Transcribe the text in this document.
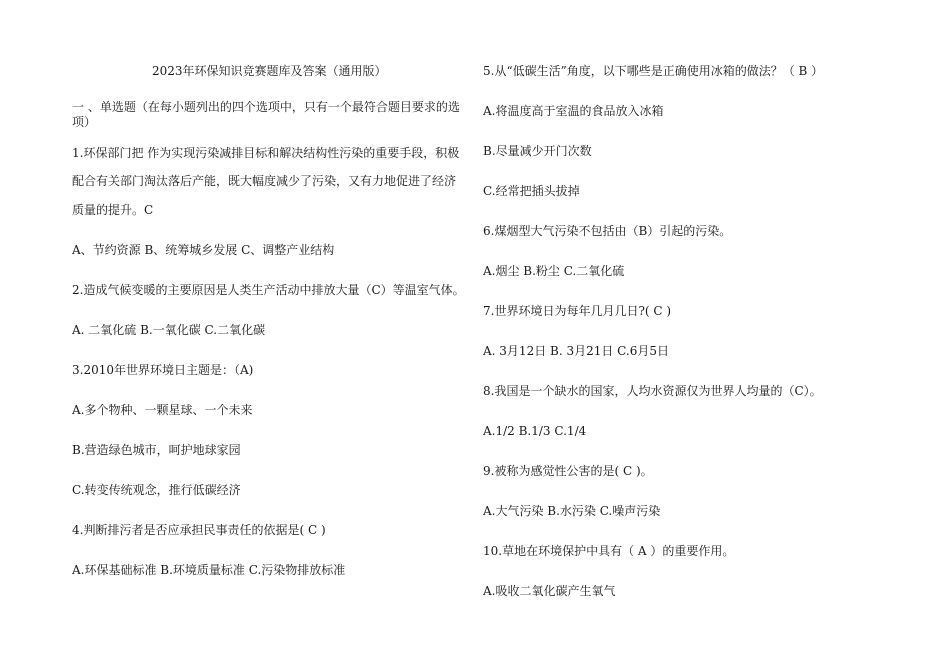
2023年环保知识竞赛题库及答案（通用版）
一 、单选题（在每小题列出的四个选项中，只有一个最符合题目要求的选
项）
1.环保部门把 作为实现污染减排目标和解决结构性污染的重要手段，积极
配合有关部门淘汰落后产能，既大幅度减少了污染，又有力地促进了经济
质量的提升。C
A、节约资源 B、统筹城乡发展 C、调整产业结构
2.造成气候变暖的主要原因是人类生产活动中排放大量（C）等温室气体。
A. 二氧化硫 B.一氧化碳 C.二氧化碳
3.2010年世界环境日主题是：（A)
A.多个物种、一颗星球、一个未来
B.营造绿色城市，呵护地球家园
C.转变传统观念，推行低碳经济
4.判断排污者是否应承担民事责任的依据是( C )
A.环保基础标准 B.环境质量标准 C.污染物排放标准
5.从“低碳生活”角度，以下哪些是正确使用冰箱的做法？（ B ）
A.将温度高于室温的食品放入冰箱
B.尽量减少开门次数
C.经常把插头拔掉
6.煤烟型大气污染不包括由（B）引起的污染。
A.烟尘 B.粉尘 C.二氧化硫
7.世界环境日为每年几月几日?( C )
A. 3月12日 B. 3月21日 C.6月5日
8.我国是一个缺水的国家，人均水资源仅为世界人均量的（C）。
A.1/2 B.1/3 C.1/4
9.被称为感觉性公害的是( C )。
A.大气污染 B.水污染 C.噪声污染
10.草地在环境保护中具有（ A ）的重要作用。
A.吸收二氧化碳产生氧气
